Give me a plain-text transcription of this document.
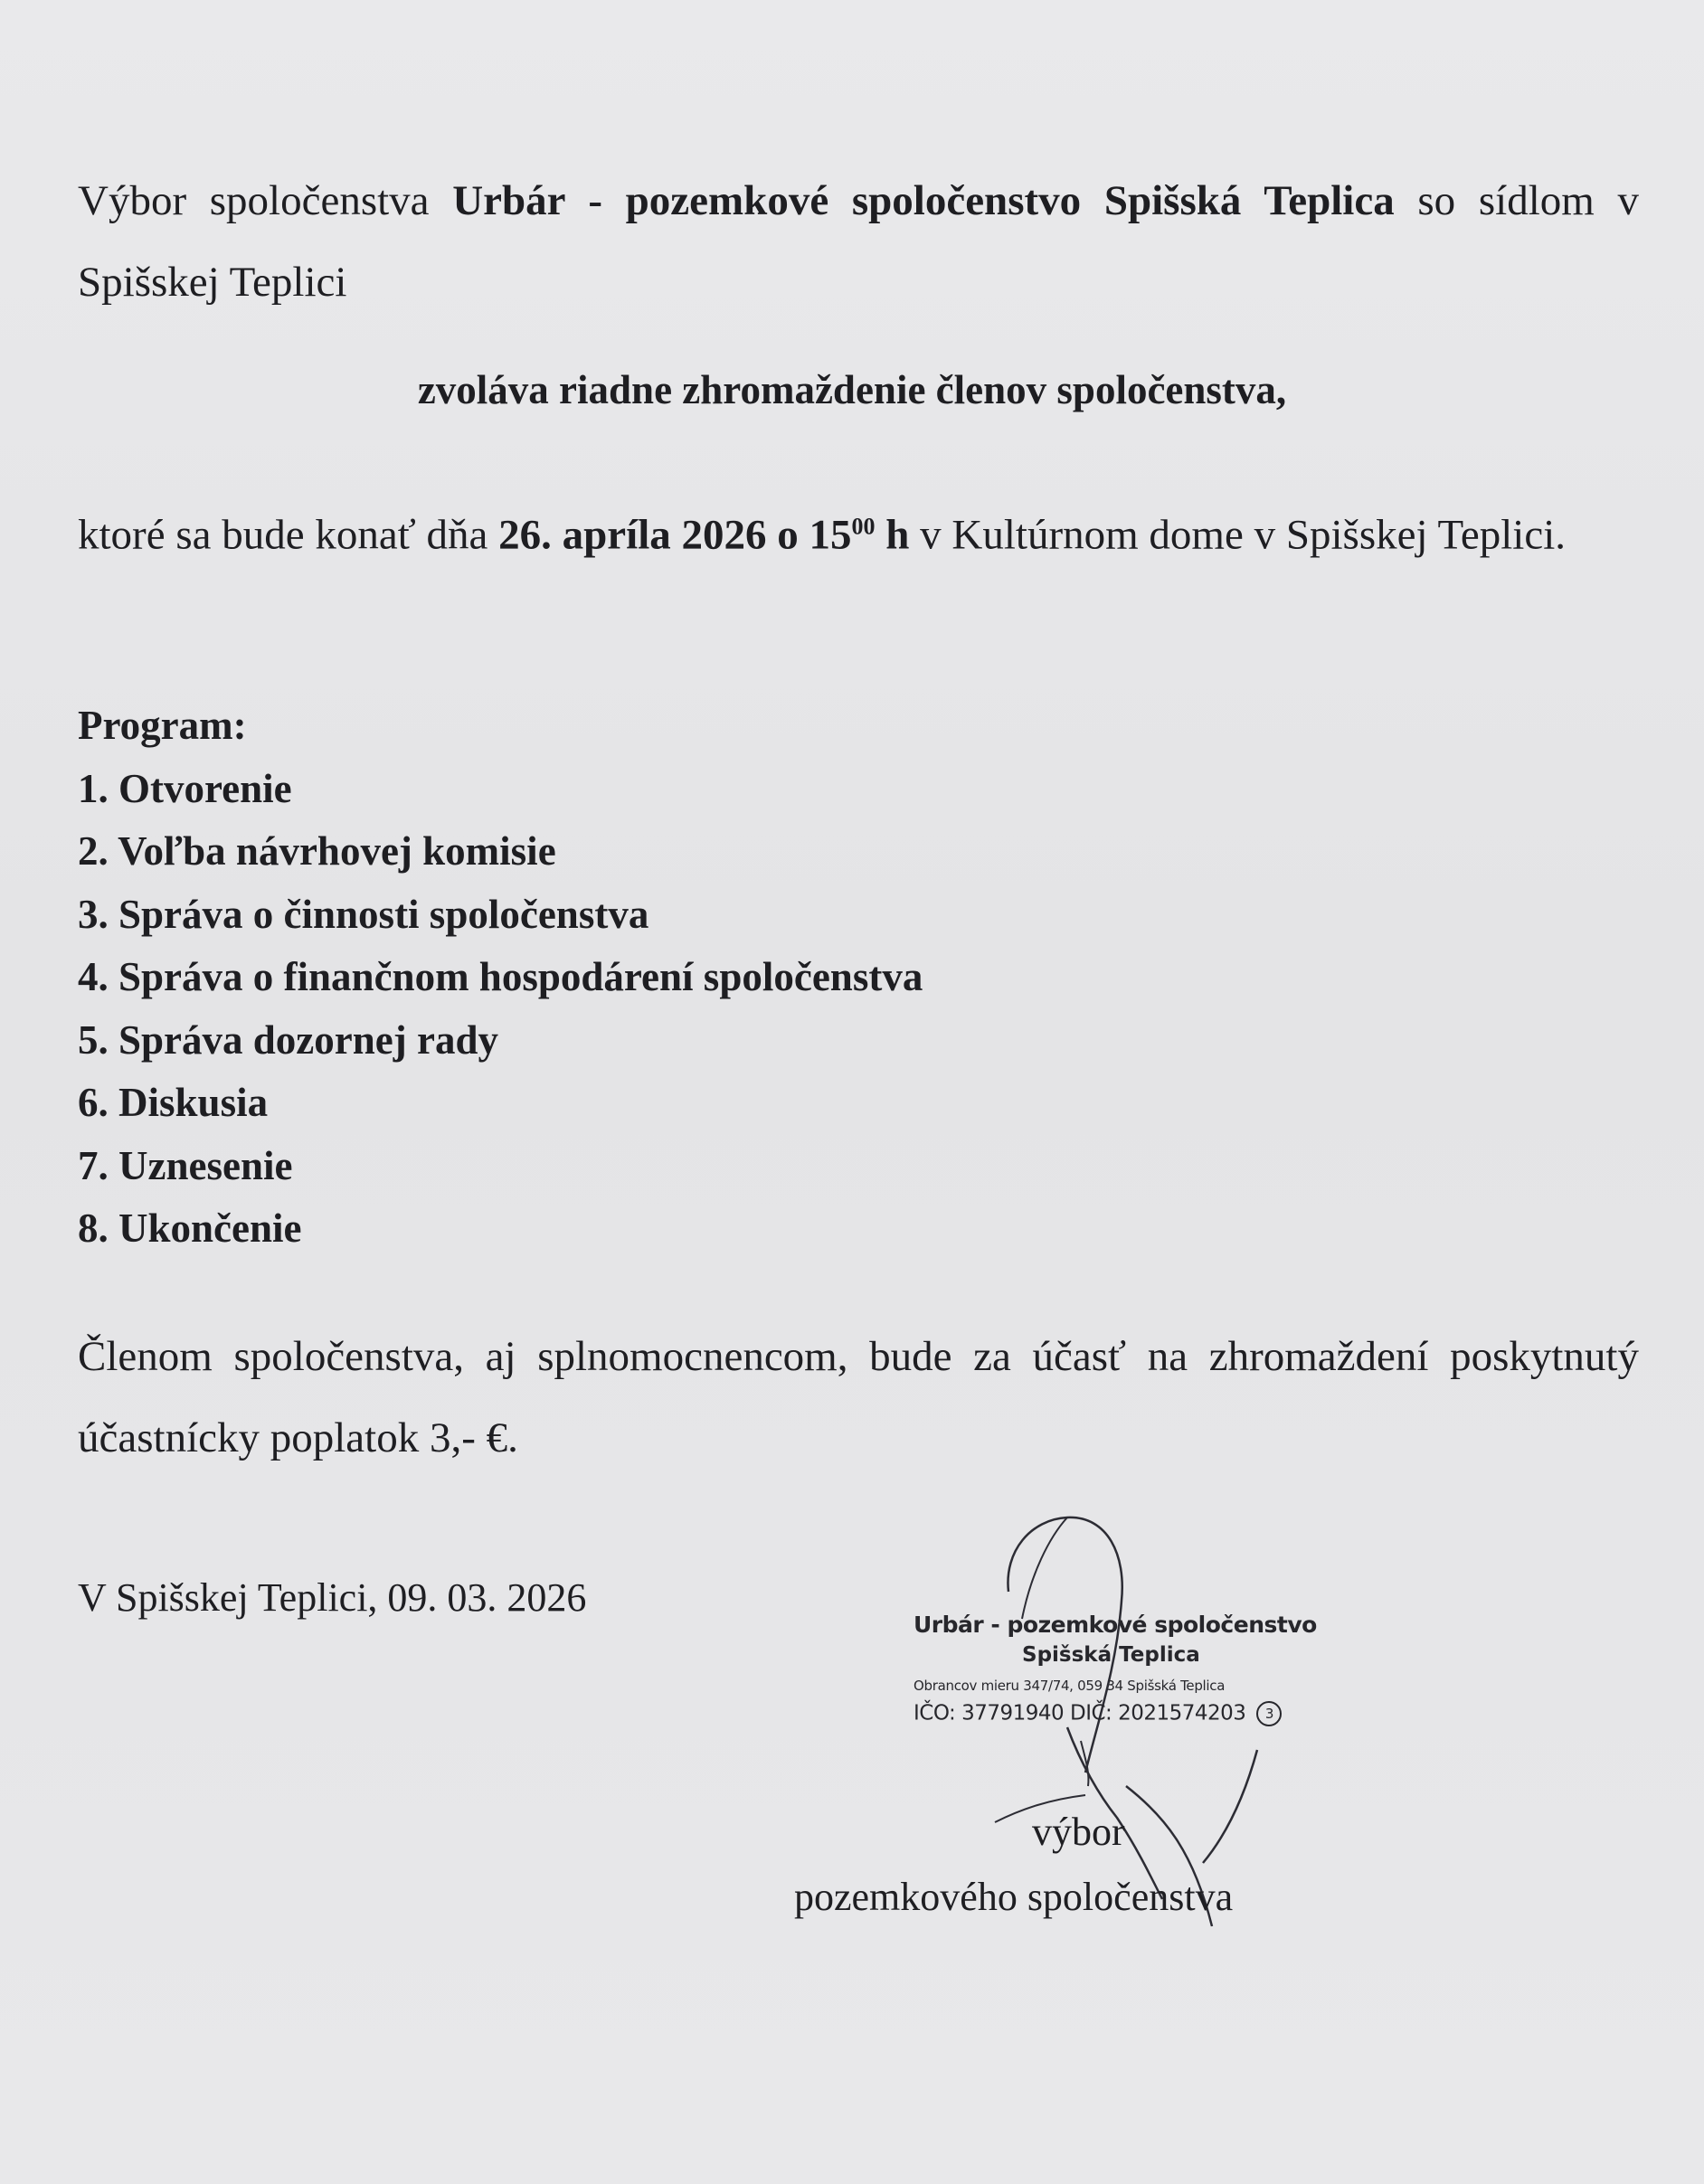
Výbor spoločenstva Urbár - pozemkové spoločenstvo Spišská Teplica so sídlom v Spišskej Teplici

zvoláva riadne zhromaždenie členov spoločenstva,

ktoré sa bude konať dňa 26. apríla 2026 o $15^{00}$ h v Kultúrnom dome v Spišskej Teplici.

Program:
1. Otvorenie
2. Voľba návrhovej komisie
3. Správa o činnosti spoločenstva
4. Správa o finančnom hospodárení spoločenstva
5. Správa dozornej rady
6. Diskusia
7. Uznesenie
8. Ukončenie

Členom spoločenstva, aj splnomocnencom, bude za účasť na zhromaždení poskytnutý účastnícky poplatok 3,- €.

V Spišskej Teplici, 09. 03. 2026
Urbár - pozemkové spoločenstvo
Spišská Teplica
Obrancov mieru 347/74, 059 34 Spišská Teplica
IČO: 37791940 DIČ: 2021574203 3
výbor
pozemkového spoločenstva
